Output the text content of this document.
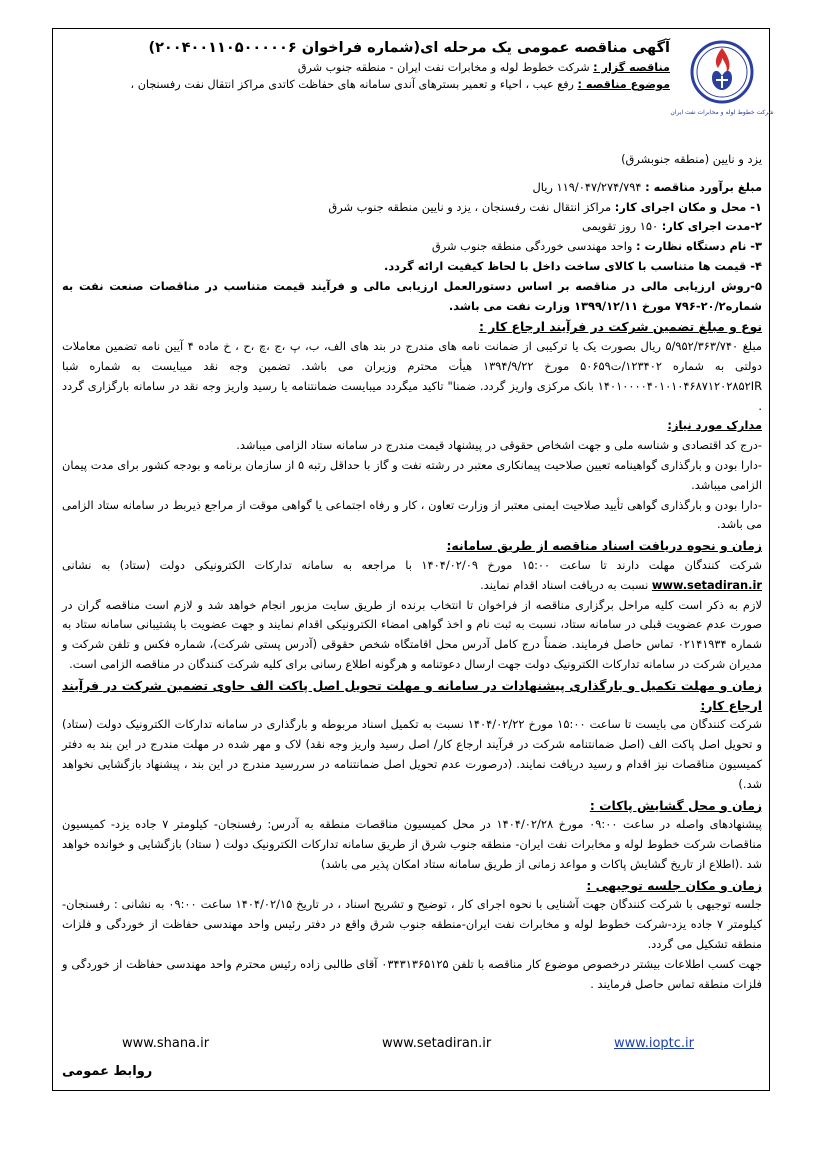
آگهی مناقصه عمومی یک مرحله ای(شماره فراخوان ۲۰۰۴۰۰۱۱۰۵۰۰۰۰۰۶)

مناقصه گزار : شرکت خطوط لوله و مخابرات نفت ایران - منطقه جنوب شرق

موضوع مناقصه : رفع عیب ، احیاء و تعمیر بسترهای آندی سامانه های حفاظت کاتدی مراکز انتقال نفت رفسنجان ،

شرکت خطوط لوله و مخابرات نفت ایران

یزد و نایین (منطقه جنوبشرق)

مبلغ برآورد مناقصه : ۱۱۹/۰۴۷/۲۷۴/۷۹۴ ریال

۱- محل و مکان اجرای کار: مراکز انتقال نفت رفسنجان ، یزد و نایین منطقه جنوب شرق

۲-مدت اجرای کار: ۱۵۰ روز تقویمی

۳- نام دستگاه نظارت : واحد مهندسی خوردگی منطقه جنوب شرق

۴- قیمت ها متناسب با کالای ساخت داخل با لحاظ کیفیت ارائه گردد.

۵-روش ارزیابی مالی در مناقصه بر اساس دستورالعمل ارزیابی مالی و فرآیند قیمت متناسب در مناقصات صنعت نفت به شماره۲۰/۲-۷۹۶ مورخ ۱۳۹۹/۱۲/۱۱ وزارت نفت می باشد.

نوع و مبلغ تضمین شرکت در فرآیند ارجاع کار :

مبلغ ۵/۹۵۲/۳۶۳/۷۴۰ ریال بصورت یک یا ترکیبی از ضمانت نامه های مندرج در بند های الف، ب، پ ،ج ،چ ،ح ، خ ماده ۴ آیین نامه تضمین معاملات دولتی به شماره ۱۲۳۴۰۲/ت۵۰۶۵۹ مورخ ۱۳۹۴/۹/۲۲ هیأت محترم وزیران می باشد. تضمین وجه نقد میبایست به شماره شبا ۱۴۰۱۰۰۰۰۴۰۱۰۱۰۴۶۸۷۱۲۰۲۸۵۲IR بانک مرکزی واریز گردد. ضمنا" تاکید میگردد میبایست ضمانتنامه یا رسید واریز وجه نقد در سامانه بارگزاری گردد .

مدارک مورد نیاز:

-درج کد اقتصادی و شناسه ملی و جهت اشخاص حقوقی در پیشنهاد قیمت مندرج در سامانه ستاد الزامی میباشد.

-دارا بودن و بارگذاری گواهینامه تعیین صلاحیت پیمانکاری معتبر در رشته نفت و گاز با حداقل رتبه ۵ از سازمان برنامه و بودجه کشور برای مدت پیمان الزامی میباشد.

-دارا بودن و بارگذاری گواهی تأیید صلاحیت ایمنی معتبر از وزارت تعاون ، کار و رفاه اجتماعی یا گواهی موقت از مراجع ذیربط در سامانه ستاد الزامی می باشد.

زمان و نحوه دریافت اسناد مناقصه از طریق سامانه:

شرکت کنندگان مهلت دارند تا ساعت ۱۵:۰۰ مورخ ۱۴۰۴/۰۲/۰۹ با مراجعه به سامانه تدارکات الکترونیکی دولت (ستاد) به نشانی www.setadiran.ir نسبت به دریافت اسناد اقدام نمایند.

لازم به ذکر است کلیه مراحل برگزاری مناقصه از فراخوان تا انتخاب برنده از طریق سایت مزبور انجام خواهد شد و لازم است مناقصه گران در صورت عدم عضویت قبلی در سامانه ستاد، نسبت به ثبت نام و اخذ گواهی امضاء الکترونیکی اقدام نمایند و جهت عضویت با پشتیبانی سامانه ستاد به شماره ۰۲۱۴۱۹۳۴ تماس حاصل فرمایند. ضمناً درج کامل آدرس محل اقامتگاه شخص حقوقی (آدرس پستی شرکت)، شماره فکس و تلفن شرکت و مدیران شرکت در سامانه تدارکات الکترونیک دولت جهت ارسال دعوتنامه و هرگونه اطلاع رسانی برای کلیه شرکت کنندگان در مناقصه الزامی است.

زمان و مهلت تکمیل و بارگذاری پیشنهادات در سامانه و مهلت تحویل اصل پاکت الف حاوی تضمین شرکت در فرآیند ارجاع کار:

شرکت کنندگان می بایست تا ساعت ۱۵:۰۰ مورخ ۱۴۰۴/۰۲/۲۲ نسبت به تکمیل اسناد مربوطه و بارگذاری در سامانه تدارکات الکترونیک دولت (ستاد) و تحویل اصل پاکت الف (اصل ضمانتنامه شرکت در فرآیند ارجاع کار/ اصل رسید واریز وجه نقد) لاک و مهر شده در مهلت مندرج در این بند به دفتر کمیسیون مناقصات نیز اقدام و رسید دریافت نمایند. (درصورت عدم تحویل اصل ضمانتنامه در سررسید مندرج در این بند ، پیشنهاد بازگشایی نخواهد شد.)

زمان و محل گشایش پاکات :

پیشنهادهای واصله در ساعت ۰۹:۰۰ مورخ ۱۴۰۴/۰۲/۲۸ در محل کمیسیون مناقصات منطقه به آدرس: رفسنجان- کیلومتر ۷ جاده یزد- کمیسیون مناقصات شرکت خطوط لوله و مخابرات نفت ایران- منطقه جنوب شرق از طریق سامانه تدارکات الکترونیک دولت ( ستاد) بازگشایی و خوانده خواهد شد .(اطلاع از تاریخ گشایش پاکات و مواعد زمانی از طریق سامانه ستاد امکان پذیر می باشد)

زمان و مکان جلسه توجیهی :

جلسه توجیهی با شرکت کنندگان جهت آشنایی با نحوه اجرای کار ، توضیح و تشریح اسناد ، در تاریخ ۱۴۰۴/۰۲/۱۵ ساعت ۰۹:۰۰ به نشانی : رفسنجان- کیلومتر ۷ جاده یزد-شرکت خطوط لوله و مخابرات نفت ایران-منطقه جنوب شرق واقع در دفتر رئیس واحد مهندسی حفاظت از خوردگی و فلزات منطقه تشکیل می گردد.

جهت کسب اطلاعات بیشتر درخصوص موضوع کار مناقصه با تلفن ۰۳۴۳۱۳۶۵۱۲۵ آقای طالبی زاده رئیس محترم واحد مهندسی حفاظت از خوردگی و فلزات منطقه تماس حاصل فرمایند .

www.shana.ir	www.setadiran.ir	www.ioptc.ir
روابط عمومی
